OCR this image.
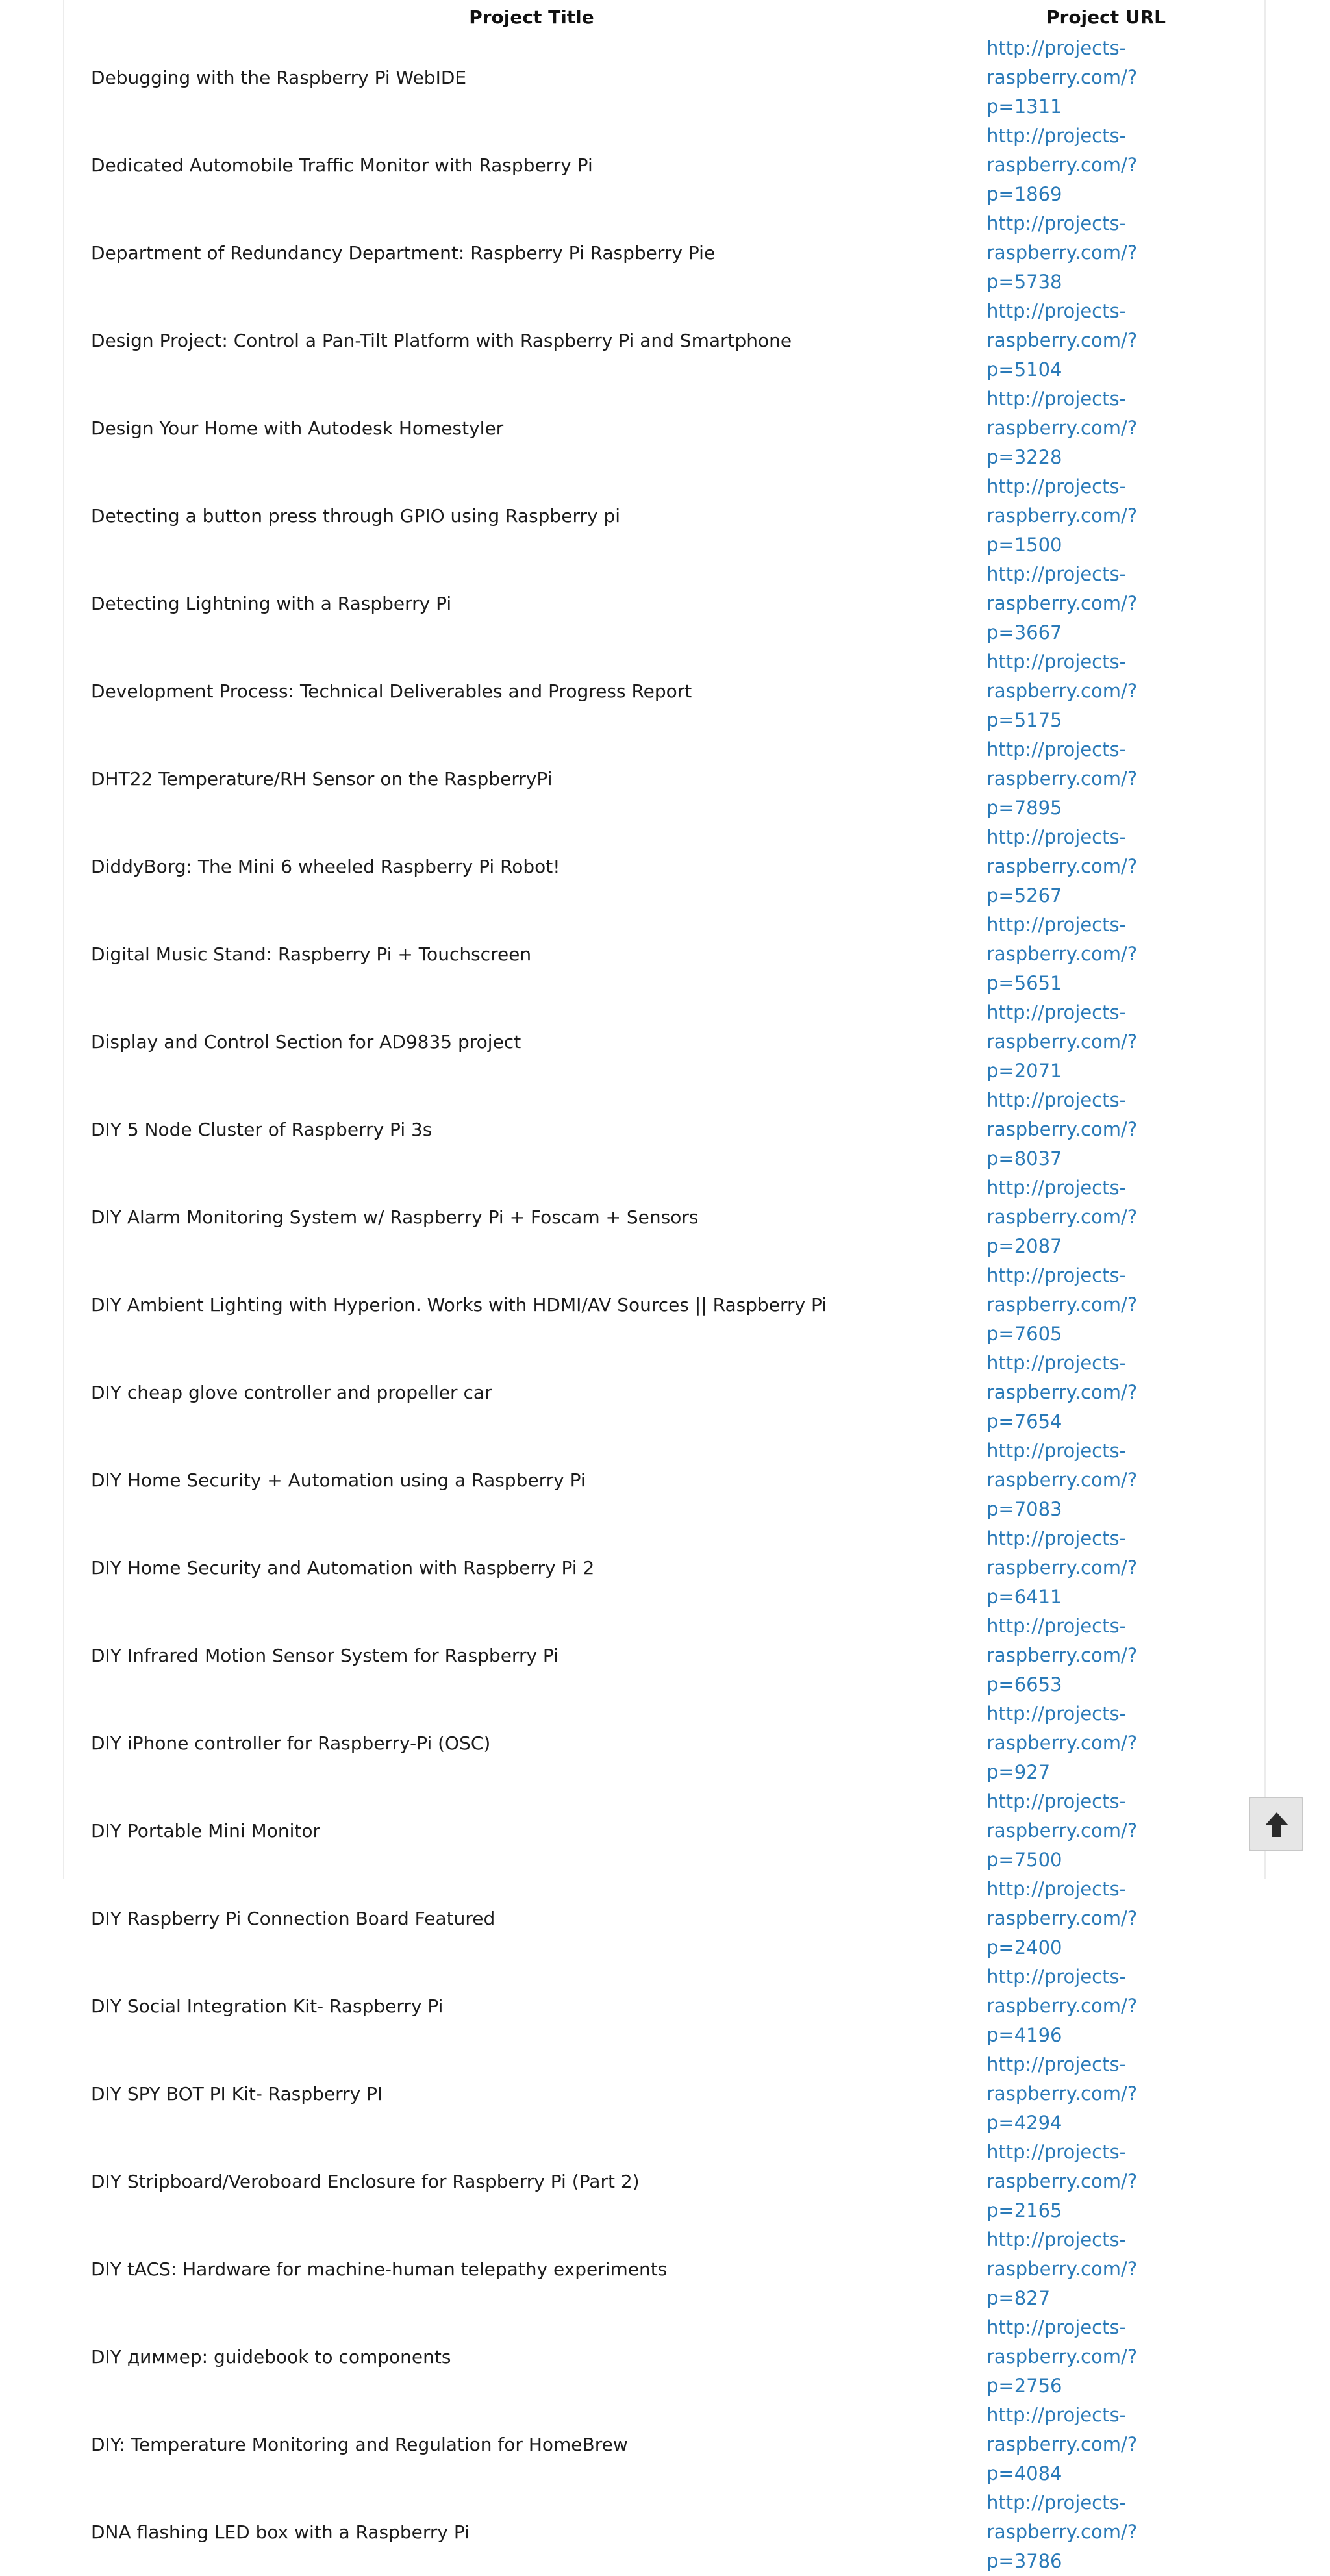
Project Title	Project URL
Debugging with the Raspberry Pi WebIDE	http://projects-raspberry.com/?
p=1311

Dedicated Automobile Traffic Monitor with Raspberry Pi	http://projects-raspberry.com/?
p=1869

Department of Redundancy Department: Raspberry Pi Raspberry Pie	http://projects-raspberry.com/?
p=5738

Design Project: Control a Pan-Tilt Platform with Raspberry Pi and Smartphone	http://projects-raspberry.com/?
p=5104

Design Your Home with Autodesk Homestyler	http://projects-raspberry.com/?
p=3228

Detecting a button press through GPIO using Raspberry pi	http://projects-raspberry.com/?
p=1500

Detecting Lightning with a Raspberry Pi	http://projects-raspberry.com/?
p=3667

Development Process: Technical Deliverables and Progress Report	http://projects-raspberry.com/?
p=5175

DHT22 Temperature/RH Sensor on the RaspberryPi	http://projects-raspberry.com/?
p=7895

DiddyBorg: The Mini 6 wheeled Raspberry Pi Robot!	http://projects-raspberry.com/?
p=5267

Digital Music Stand: Raspberry Pi + Touchscreen	http://projects-raspberry.com/?
p=5651

Display and Control Section for AD9835 project	http://projects-raspberry.com/?
p=2071

DIY 5 Node Cluster of Raspberry Pi 3s	http://projects-raspberry.com/?
p=8037

DIY Alarm Monitoring System w/ Raspberry Pi + Foscam + Sensors	http://projects-raspberry.com/?
p=2087

DIY Ambient Lighting with Hyperion. Works with HDMI/AV Sources || Raspberry Pi	http://projects-raspberry.com/?
p=7605

DIY cheap glove controller and propeller car	http://projects-raspberry.com/?
p=7654

DIY Home Security + Automation using a Raspberry Pi	http://projects-raspberry.com/?
p=7083

DIY Home Security and Automation with Raspberry Pi 2	http://projects-raspberry.com/?
p=6411

DIY Infrared Motion Sensor System for Raspberry Pi	http://projects-raspberry.com/?
p=6653

DIY iPhone controller for Raspberry-Pi (OSC)	http://projects-raspberry.com/?
p=927

DIY Portable Mini Monitor	http://projects-raspberry.com/?
p=7500

DIY Raspberry Pi Connection Board Featured	http://projects-raspberry.com/?
p=2400

DIY Social Integration Kit- Raspberry Pi	http://projects-raspberry.com/?
p=4196

DIY SPY BOT PI Kit- Raspberry PI	http://projects-raspberry.com/?
p=4294

DIY Stripboard/Veroboard Enclosure for Raspberry Pi (Part 2)	http://projects-raspberry.com/?
p=2165

DIY tACS: Hardware for machine-human telepathy experiments	http://projects-raspberry.com/?
p=827

DIY диммер: guidebook to components	http://projects-raspberry.com/?
p=2756

DIY: Temperature Monitoring and Regulation for HomeBrew	http://projects-raspberry.com/?
p=4084

DNA flashing LED box with a Raspberry Pi	http://projects-raspberry.com/?
p=3786
